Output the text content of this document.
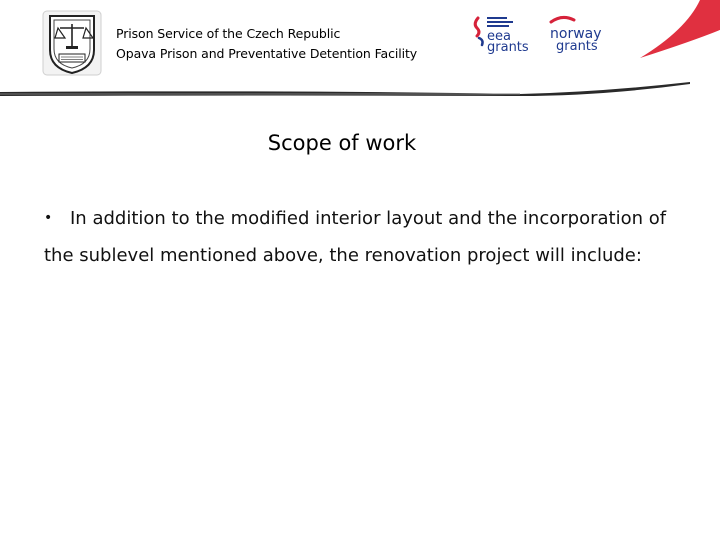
Prison Service of the Czech Republic
Opava Prison and Preventative Detention Facility
eea
grants
norway
grants
Scope of work
• In addition to the modified interior layout and the incorporation of the sublevel mentioned above, the renovation project will include:
